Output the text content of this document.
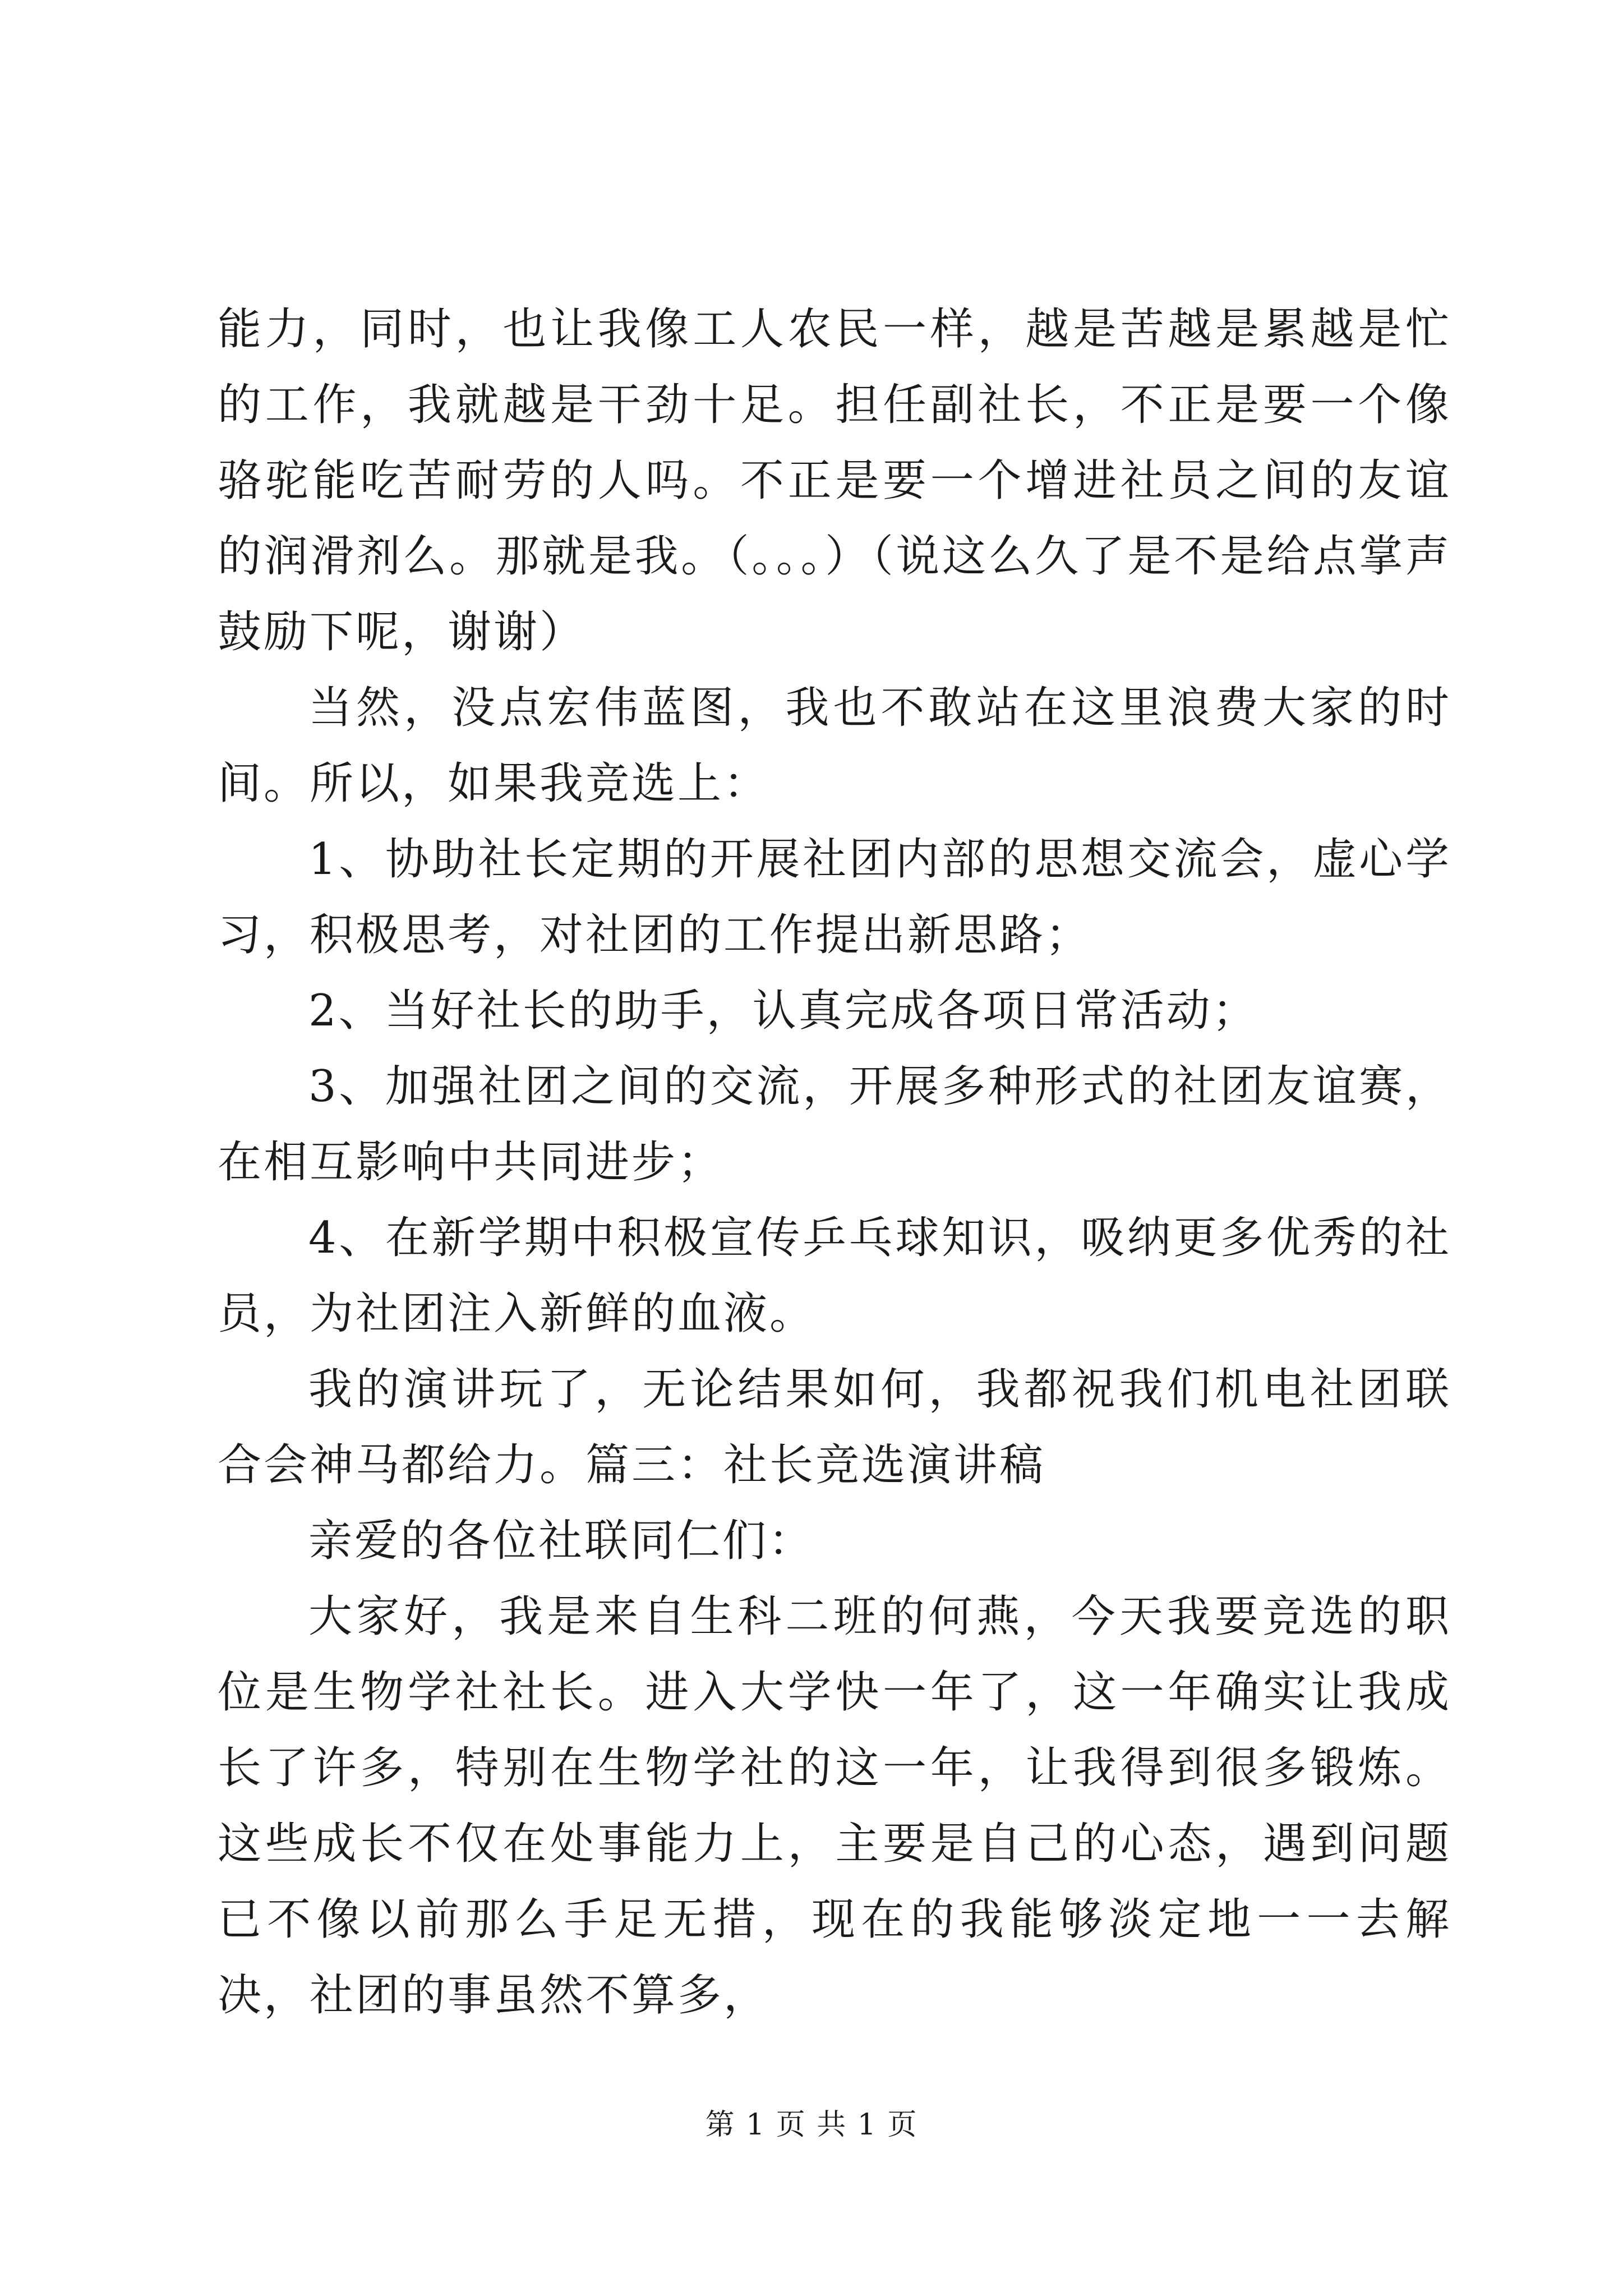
能力，同时，也让我像工人农民一样，越是苦越是累越是忙的工作，我就越是干劲十足。担任副社长，不正是要一个像骆驼能吃苦耐劳的人吗。不正是要一个增进社员之间的友谊的润滑剂么。那就是我。（。。。）（说这么久了是不是给点掌声鼓励下呢，谢谢）

当然，没点宏伟蓝图，我也不敢站在这里浪费大家的时间。所以，如果我竞选上：

1、协助社长定期的开展社团内部的思想交流会，虚心学习，积极思考，对社团的工作提出新思路；

2、当好社长的助手，认真完成各项日常活动；

3、加强社团之间的交流，开展多种形式的社团友谊赛，在相互影响中共同进步；

4、在新学期中积极宣传乒乓球知识，吸纳更多优秀的社员，为社团注入新鲜的血液。

我的演讲玩了，无论结果如何，我都祝我们机电社团联合会神马都给力。篇三：社长竞选演讲稿

亲爱的各位社联同仁们：

大家好，我是来自生科二班的何燕，今天我要竞选的职位是生物学社社长。进入大学快一年了，这一年确实让我成长了许多，特别在生物学社的这一年，让我得到很多锻炼。这些成长不仅在处事能力上，主要是自己的心态，遇到问题已不像以前那么手足无措，现在的我能够淡定地一一去解决，社团的事虽然不算多，

第 1 页 共 1 页
